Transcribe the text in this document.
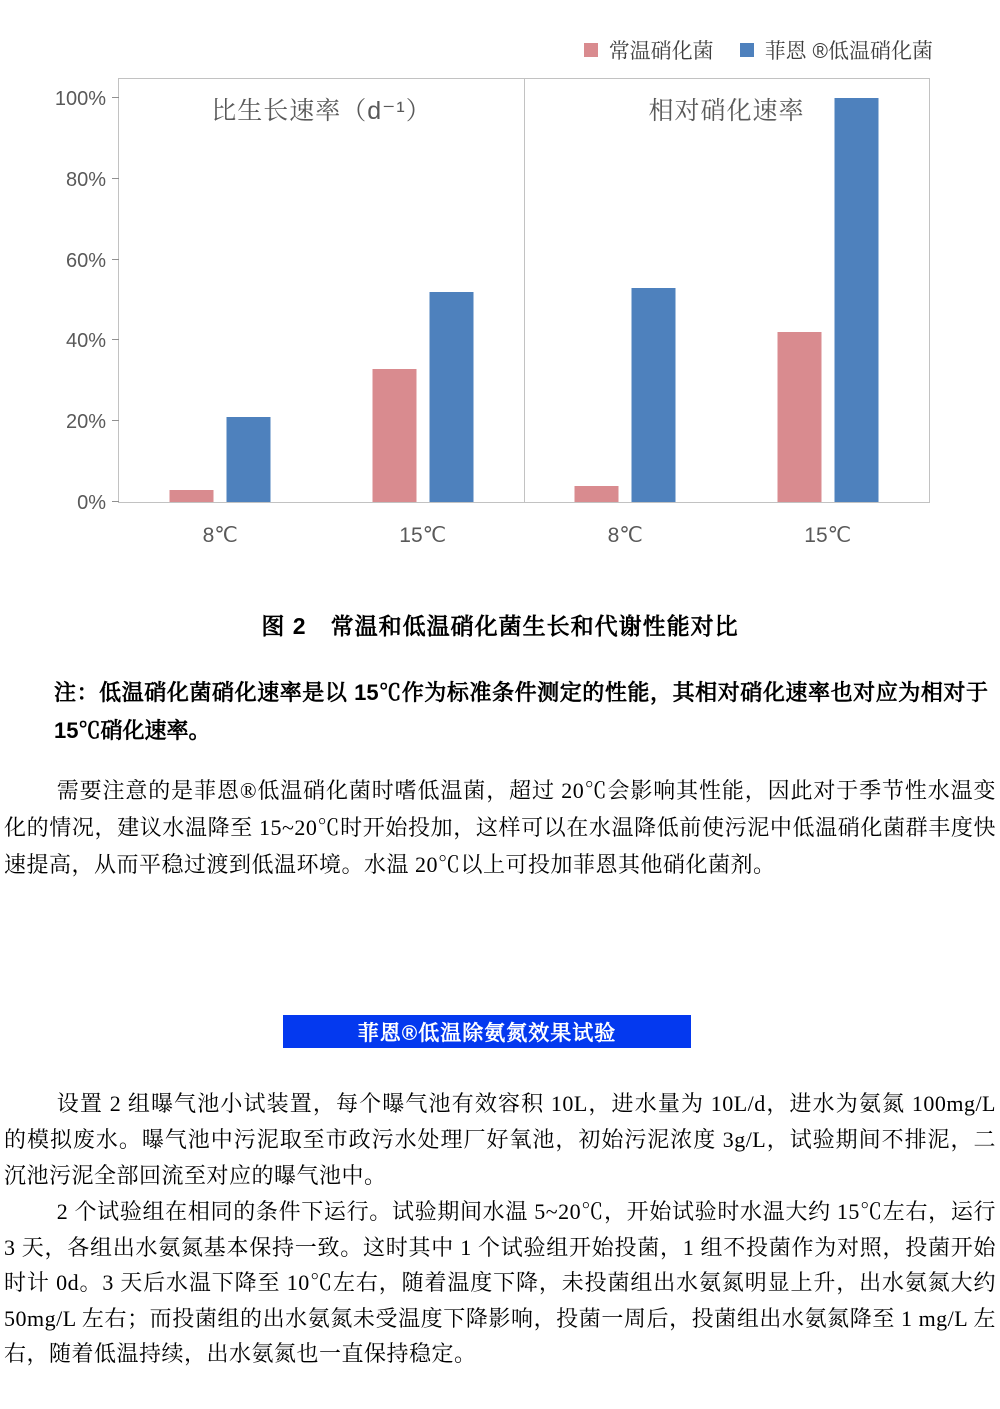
常温硝化菌 菲恩 ®低温硝化菌
0%
20%
40%
60%
80%
100%	比生长速率（d⁻¹）
8℃	15℃
相对硝化速率
8℃	15℃
图 2　常温和低温硝化菌生长和代谢性能对比
注：低温硝化菌硝化速率是以 15℃作为标准条件测定的性能，其相对硝化速率也对应为相对于 15℃硝化速率。
需要注意的是菲恩®低温硝化菌时嗜低温菌，超过 20℃会影响其性能，因此对于季节性水温变化的情况，建议水温降至 15~20℃时开始投加，这样可以在水温降低前使污泥中低温硝化菌群丰度快速提高，从而平稳过渡到低温环境。水温 20℃以上可投加菲恩其他硝化菌剂。
菲恩®低温除氨氮效果试验
设置 2 组曝气池小试装置，每个曝气池有效容积 10L，进水量为 10L/d，进水为氨氮 100mg/L 的模拟废水。曝气池中污泥取至市政污水处理厂好氧池，初始污泥浓度 3g/L，试验期间不排泥，二沉池污泥全部回流至对应的曝气池中。
2 个试验组在相同的条件下运行。试验期间水温 5~20℃，开始试验时水温大约 15℃左右，运行 3 天，各组出水氨氮基本保持一致。这时其中 1 个试验组开始投菌，1 组不投菌作为对照，投菌开始时计 0d。3 天后水温下降至 10℃左右，随着温度下降，未投菌组出水氨氮明显上升，出水氨氮大约 50mg/L 左右；而投菌组的出水氨氮未受温度下降影响，投菌一周后，投菌组出水氨氮降至 1 mg/L 左右，随着低温持续，出水氨氮也一直保持稳定。
